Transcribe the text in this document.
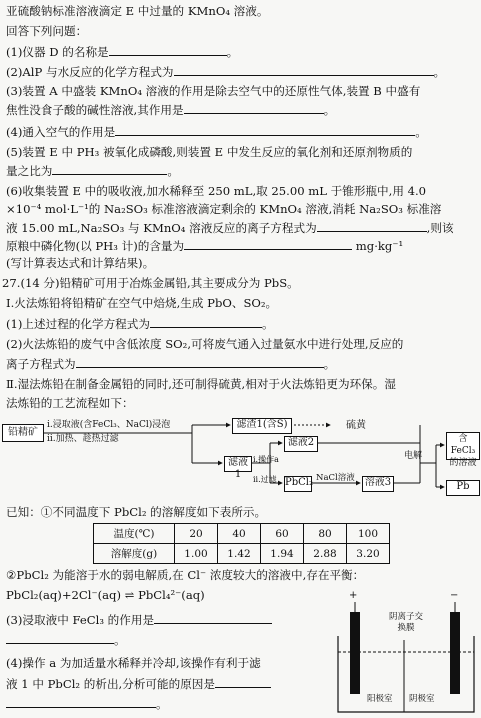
亚硫酸钠标准溶液滴定 E 中过量的 KMnO₄ 溶液。
回答下列问题：
(1)仪器 D 的名称是	。
(2)AlP 与水反应的化学方程式为	。
(3)装置 A 中盛装 KMnO₄ 溶液的作用是除去空气中的还原性气体,装置 B 中盛有
焦性没食子酸的碱性溶液,其作用是	。
(4)通入空气的作用是	。
(5)装置 E 中 PH₃ 被氧化成磷酸,则装置 E 中发生反应的氧化剂和还原剂物质的
量之比为	。
(6)收集装置 E 中的吸收液,加水稀释至 250 mL,取 25.00 mL 于锥形瓶中,用 4.0
×10⁻⁴ mol·L⁻¹的 Na₂SO₃ 标准溶液滴定剩余的 KMnO₄ 溶液,消耗 Na₂SO₃ 标准溶
液 15.00 mL,Na₂SO₃ 与 KMnO₄ 溶液反应的离子方程式为	,则该
原粮中磷化物(以 PH₃ 计)的含量为	mg·kg⁻¹
(写计算表达式和计算结果)。
27.(14 分)铅精矿可用于冶炼金属铅,其主要成分为 PbS。
Ⅰ.火法炼铅将铅精矿在空气中焙烧,生成 PbO、SO₂。
(1)上述过程的化学方程式为	。
(2)火法炼铅的废气中含低浓度 SO₂,可将废气通入过量氨水中进行处理,反应的
离子方程式为	。
Ⅱ.湿法炼铅在制备金属铅的同时,还可制得硫黄,相对于火法炼铅更为环保。湿
法炼铅的工艺流程如下：
铅精矿
i.浸取液(含FeCl₃、NaCl)浸泡
ii.加热、趁热过滤
滤渣1(含S)	硫黄
滤液1
i.操作a
ii.过滤
滤液2
PbCl₂ NaCl溶液 溶液3
电解
含FeCl₃的溶液
Pb
已知：①不同温度下 PbCl₂ 的溶解度如下表所示。
温度(℃)	20	40	60	80	100
溶解度(g)	1.00	1.42	1.94	2.88	3.20
②PbCl₂ 为能溶于水的弱电解质,在 Cl⁻ 浓度较大的溶液中,存在平衡：
PbCl₂(aq)+2Cl⁻(aq) ⇌ PbCl₄²⁻(aq)
(3)浸取液中 FeCl₃ 的作用是
。
(4)操作 a 为加适量水稀释并冷却,该操作有利于滤
液 1 中 PbCl₂ 的析出,分析可能的原因是
。
+	−
阴离子交换膜
阳极室 阴极室
